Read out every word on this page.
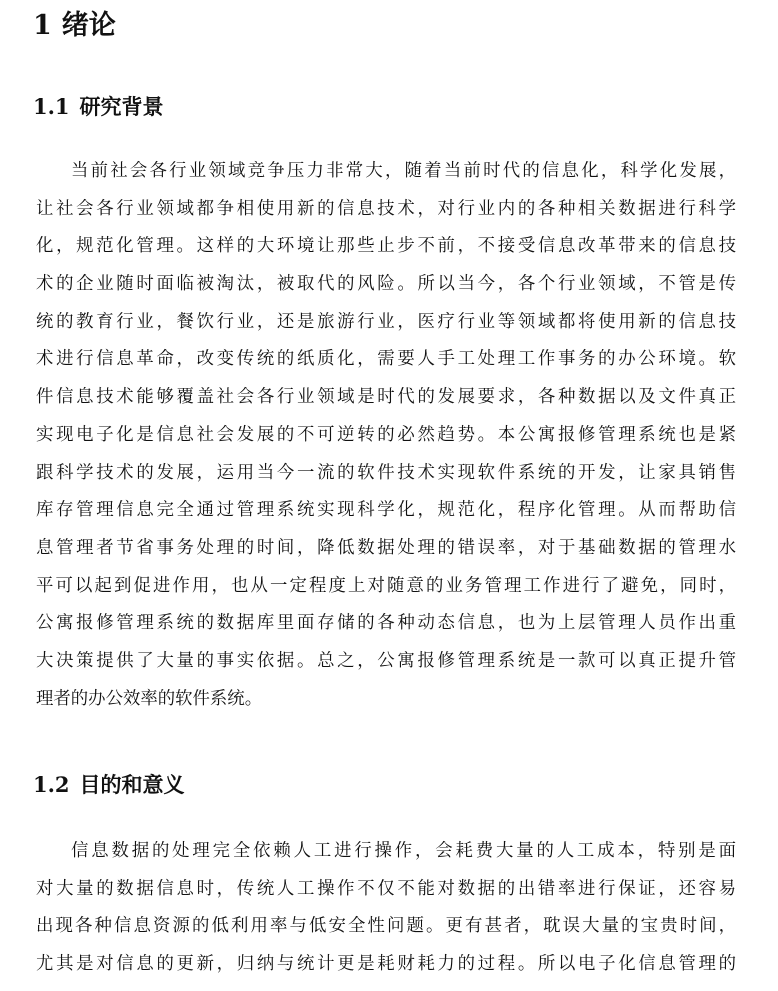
1 绪论
1.1 研究背景
当前社会各行业领域竞争压力非常大，随着当前时代的信息化，科学化发展，
让社会各行业领域都争相使用新的信息技术，对行业内的各种相关数据进行科学
化，规范化管理。这样的大环境让那些止步不前，不接受信息改革带来的信息技
术的企业随时面临被淘汰，被取代的风险。所以当今，各个行业领域，不管是传
统的教育行业，餐饮行业，还是旅游行业，医疗行业等领域都将使用新的信息技
术进行信息革命，改变传统的纸质化，需要人手工处理工作事务的办公环境。软
件信息技术能够覆盖社会各行业领域是时代的发展要求，各种数据以及文件真正
实现电子化是信息社会发展的不可逆转的必然趋势。本公寓报修管理系统也是紧
跟科学技术的发展，运用当今一流的软件技术实现软件系统的开发，让家具销售
库存管理信息完全通过管理系统实现科学化，规范化，程序化管理。从而帮助信
息管理者节省事务处理的时间，降低数据处理的错误率，对于基础数据的管理水
平可以起到促进作用，也从一定程度上对随意的业务管理工作进行了避免，同时，
公寓报修管理系统的数据库里面存储的各种动态信息，也为上层管理人员作出重
大决策提供了大量的事实依据。总之，公寓报修管理系统是一款可以真正提升管
理者的办公效率的软件系统。
1.2 目的和意义
信息数据的处理完全依赖人工进行操作，会耗费大量的人工成本，特别是面
对大量的数据信息时，传统人工操作不仅不能对数据的出错率进行保证，还容易
出现各种信息资源的低利用率与低安全性问题。更有甚者，耽误大量的宝贵时间，
尤其是对信息的更新，归纳与统计更是耗财耗力的过程。所以电子化信息管理的
